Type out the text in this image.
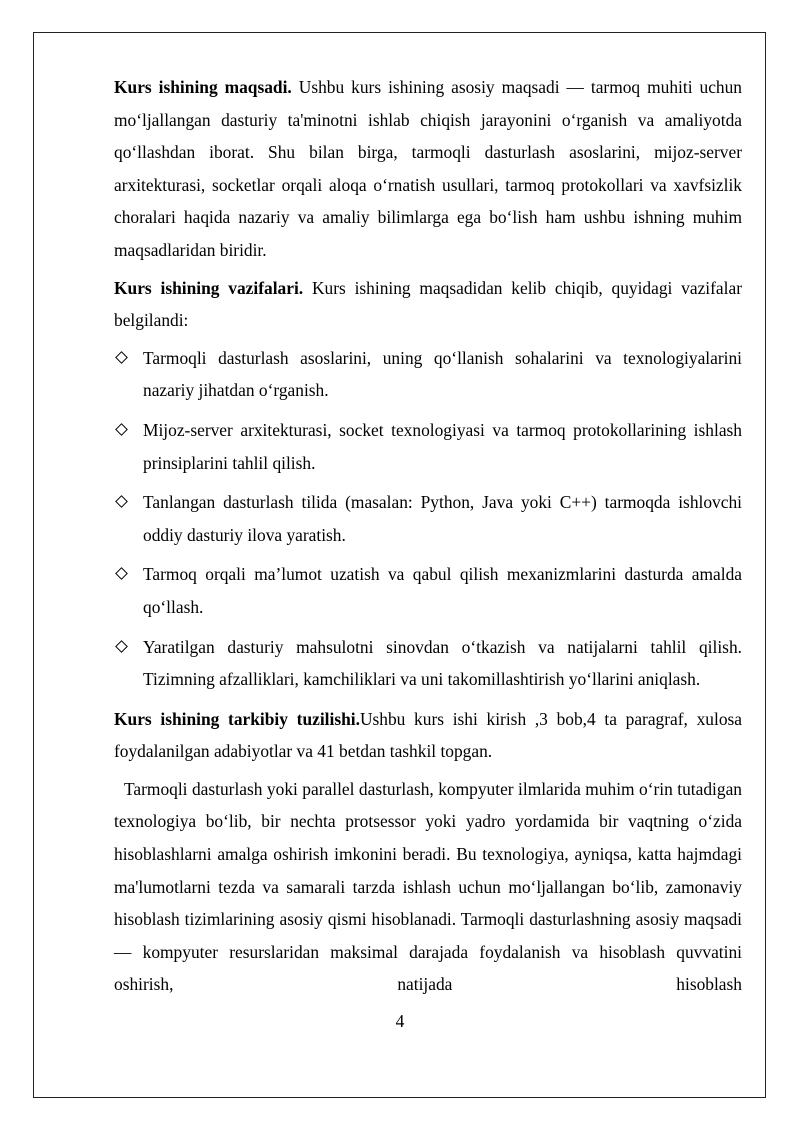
Kurs ishining maqsadi. Ushbu kurs ishining asosiy maqsadi — tarmoq muhiti uchun mo‘ljallangan dasturiy ta'minotni ishlab chiqish jarayonini o‘rganish va amaliyotda qo‘llashdan iborat. Shu bilan birga, tarmoqli dasturlash asoslarini, mijoz-server arxitekturasi, socketlar orqali aloqa o‘rnatish usullari, tarmoq protokollari va xavfsizlik choralari haqida nazariy va amaliy bilimlarga ega bo‘lish ham ushbu ishning muhim maqsadlaridan biridir.

Kurs ishining vazifalari. Kurs ishining maqsadidan kelib chiqib, quyidagi vazifalar belgilandi:

Tarmoqli dasturlash asoslarini, uning qo‘llanish sohalarini va texnologiyalarini nazariy jihatdan o‘rganish.
Mijoz-server arxitekturasi, socket texnologiyasi va tarmoq protokollarining ishlash prinsiplarini tahlil qilish.
Tanlangan dasturlash tilida (masalan: Python, Java yoki C++) tarmoqda ishlovchi oddiy dasturiy ilova yaratish.
Tarmoq orqali ma’lumot uzatish va qabul qilish mexanizmlarini dasturda amalda qo‘llash.
Yaratilgan dasturiy mahsulotni sinovdan o‘tkazish va natijalarni tahlil qilish. Tizimning afzalliklari, kamchiliklari va uni takomillashtirish yo‘llarini aniqlash.

Kurs ishining tarkibiy tuzilishi.Ushbu kurs ishi kirish ,3 bob,4 ta paragraf, xulosa foydalanilgan adabiyotlar va 41 betdan tashkil topgan.

Tarmoqli dasturlash yoki parallel dasturlash, kompyuter ilmlarida muhim o‘rin tutadigan texnologiya bo‘lib, bir nechta protsessor yoki yadro yordamida bir vaqtning o‘zida hisoblashlarni amalga oshirish imkonini beradi. Bu texnologiya, ayniqsa, katta hajmdagi ma'lumotlarni tezda va samarali tarzda ishlash uchun mo‘ljallangan bo‘lib, zamonaviy hisoblash tizimlarining asosiy qismi hisoblanadi. Tarmoqli dasturlashning asosiy maqsadi — kompyuter resurslaridan maksimal darajada foydalanish va hisoblash quvvatini oshirish, natijada hisoblash

4
